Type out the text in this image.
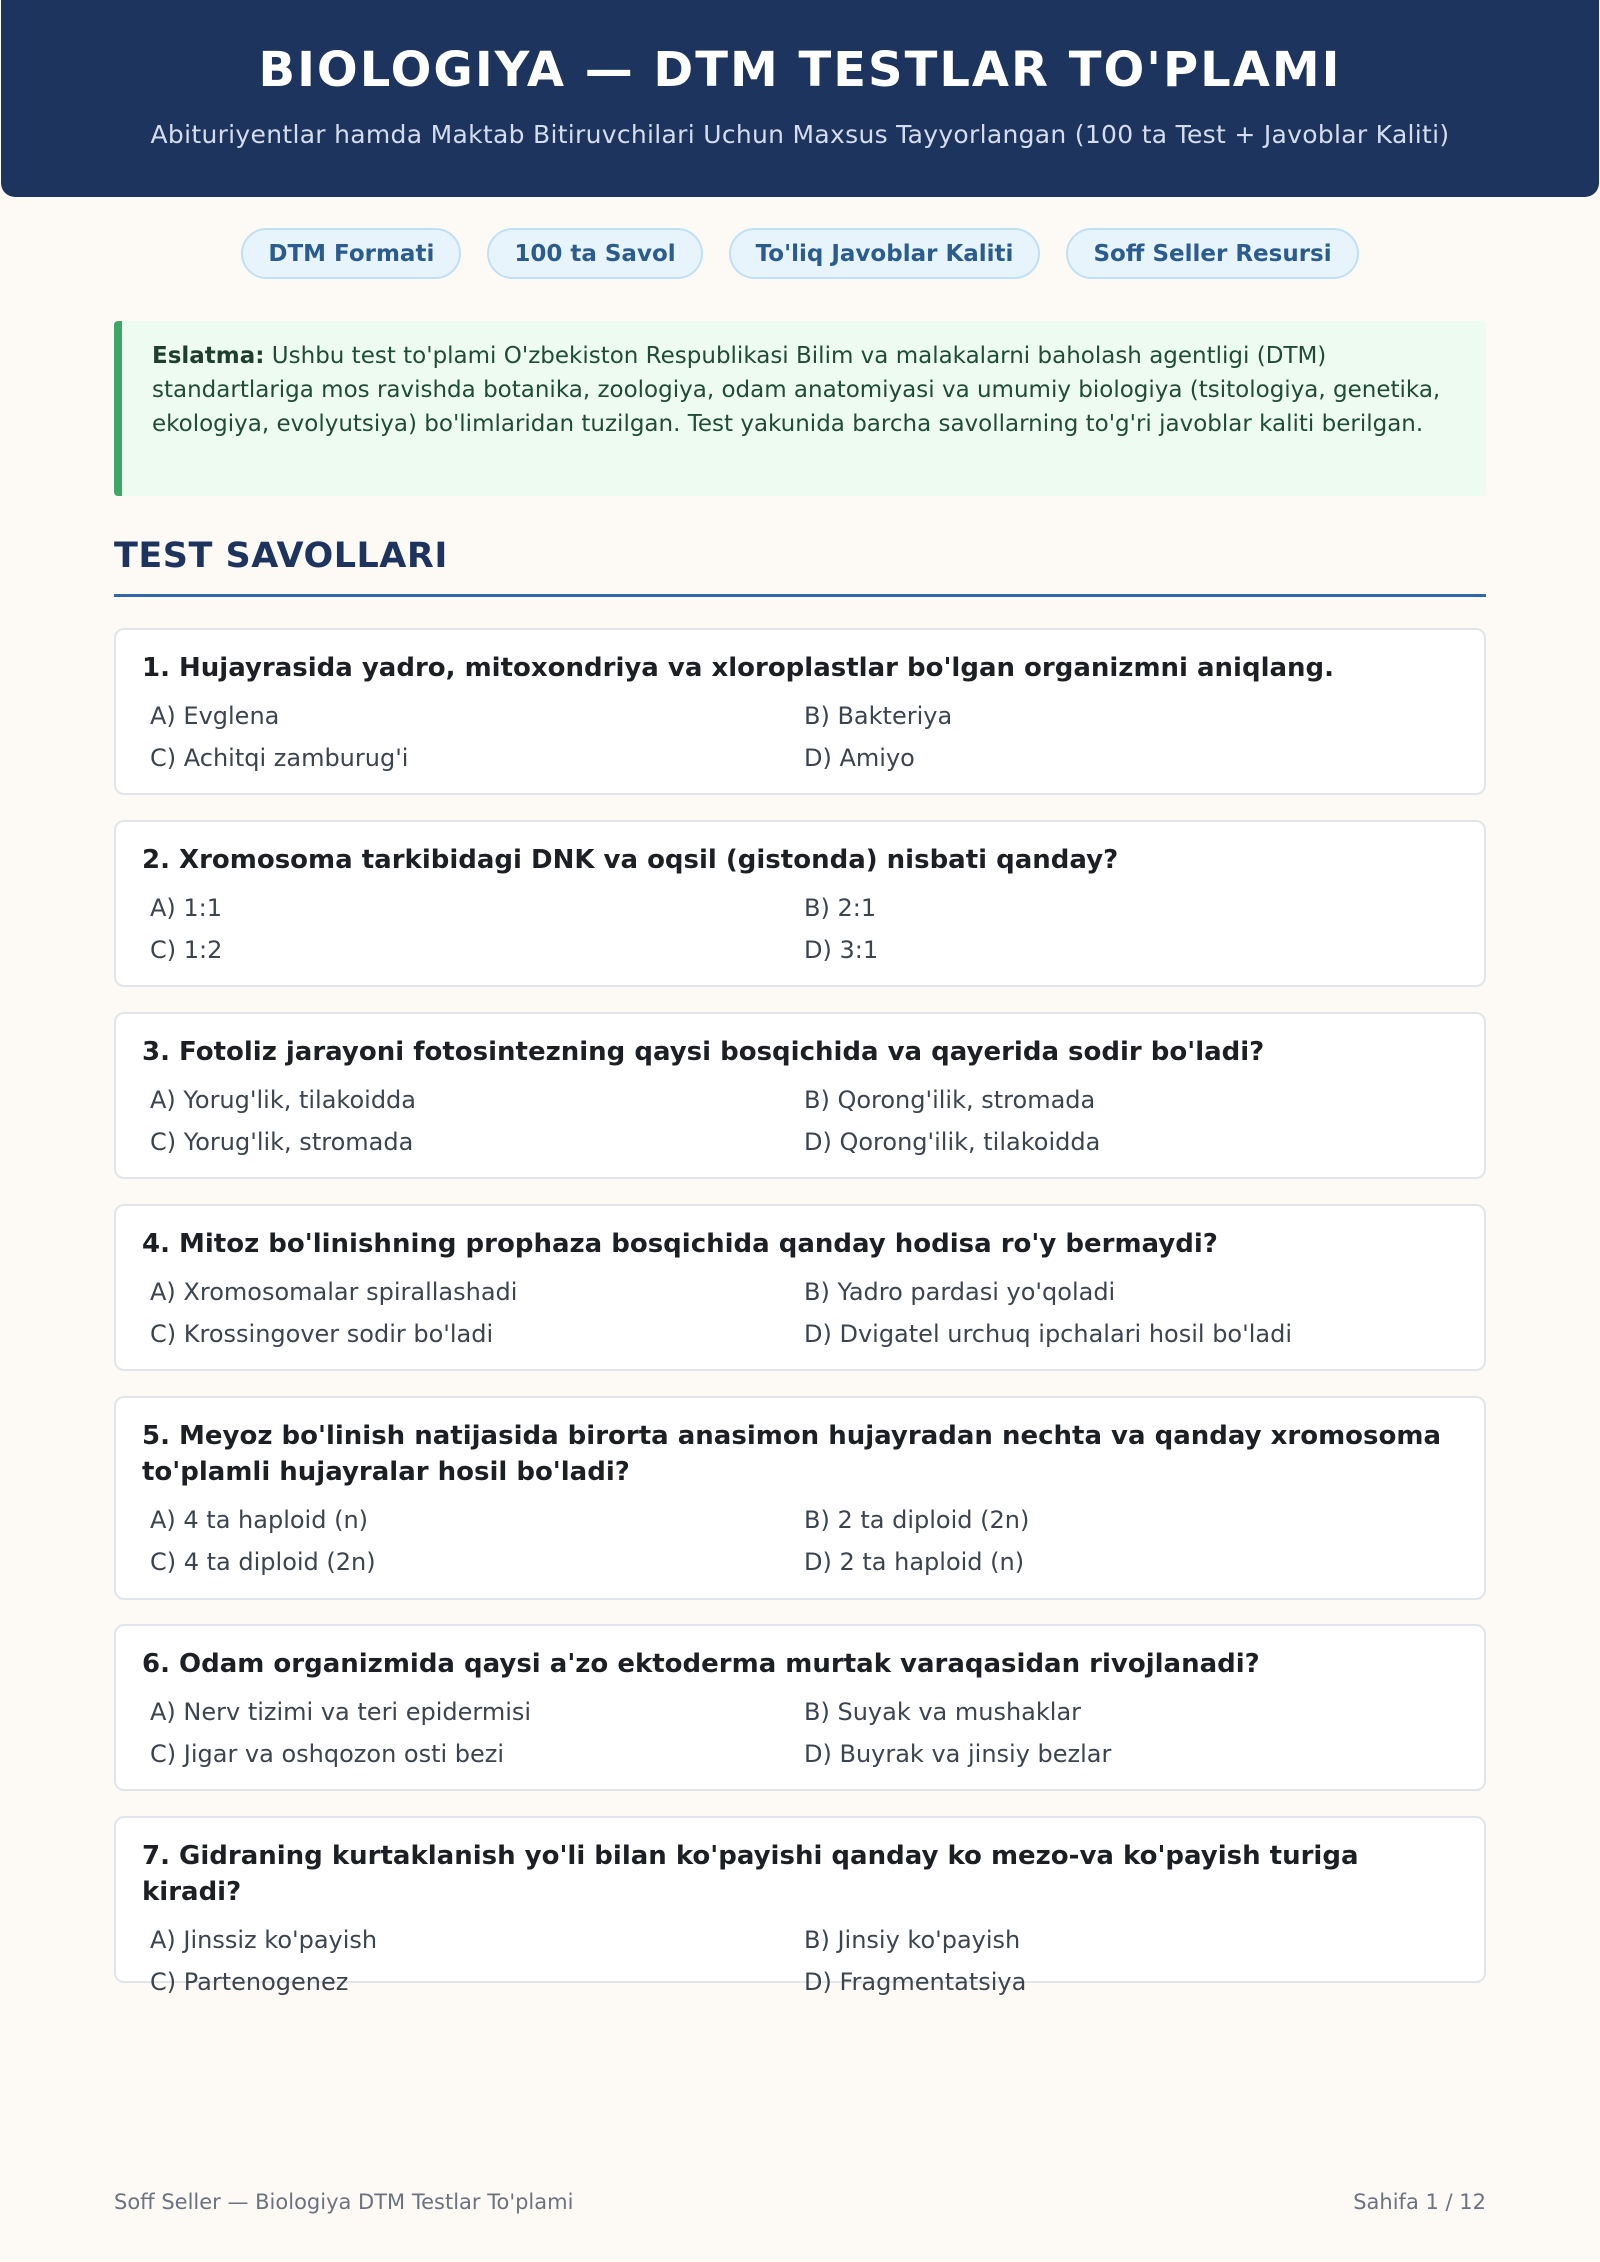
BIOLOGIYA — DTM TESTLAR TO'PLAMI
Abituriyentlar hamda Maktab Bitiruvchilari Uchun Maxsus Tayyorlangan (100 ta Test + Javoblar Kaliti)
DTM Formati	100 ta Savol	To'liq Javoblar Kaliti	Soff Seller Resursi
Eslatma: Ushbu test to'plami O'zbekiston Respublikasi Bilim va malakalarni baholash agentligi (DTM) standartlariga mos ravishda botanika, zoologiya, odam anatomiyasi va umumiy biologiya (tsitologiya, genetika, ekologiya, evolyutsiya) bo'limlaridan tuzilgan. Test yakunida barcha savollarning to'g'ri javoblar kaliti berilgan.
TEST SAVOLLARI
1. Hujayrasida yadro, mitoxondriya va xloroplastlar bo'lgan organizmni aniqlang.
A) Evglena	B) Bakteriya
C) Achitqi zamburug'i	D) Amiyo
2. Xromosoma tarkibidagi DNK va oqsil (gistonda) nisbati qanday?
A) 1:1	B) 2:1
C) 1:2	D) 3:1
3. Fotoliz jarayoni fotosintezning qaysi bosqichida va qayerida sodir bo'ladi?
A) Yorug'lik, tilakoidda	B) Qorong'ilik, stromada
C) Yorug'lik, stromada	D) Qorong'ilik, tilakoidda
4. Mitoz bo'linishning prophaza bosqichida qanday hodisa ro'y bermaydi?
A) Xromosomalar spirallashadi	B) Yadro pardasi yo'qoladi
C) Krossingover sodir bo'ladi	D) Dvigatel urchuq ipchalari hosil bo'ladi
5. Meyoz bo'linish natijasida birorta anasimon hujayradan nechta va qanday xromosoma to'plamli hujayralar hosil bo'ladi?
A) 4 ta haploid (n)	B) 2 ta diploid (2n)
C) 4 ta diploid (2n)	D) 2 ta haploid (n)
6. Odam organizmida qaysi a'zo ektoderma murtak varaqasidan rivojlanadi?
A) Nerv tizimi va teri epidermisi	B) Suyak va mushaklar
C) Jigar va oshqozon osti bezi	D) Buyrak va jinsiy bezlar
7. Gidraning kurtaklanish yo'li bilan ko'payishi qanday ko mezo-va ko'payish turiga kiradi?
A) Jinssiz ko'payish	B) Jinsiy ko'payish
C) Partenogenez	D) Fragmentatsiya
Soff Seller — Biologiya DTM Testlar To'plami	Sahifa 1 / 12
